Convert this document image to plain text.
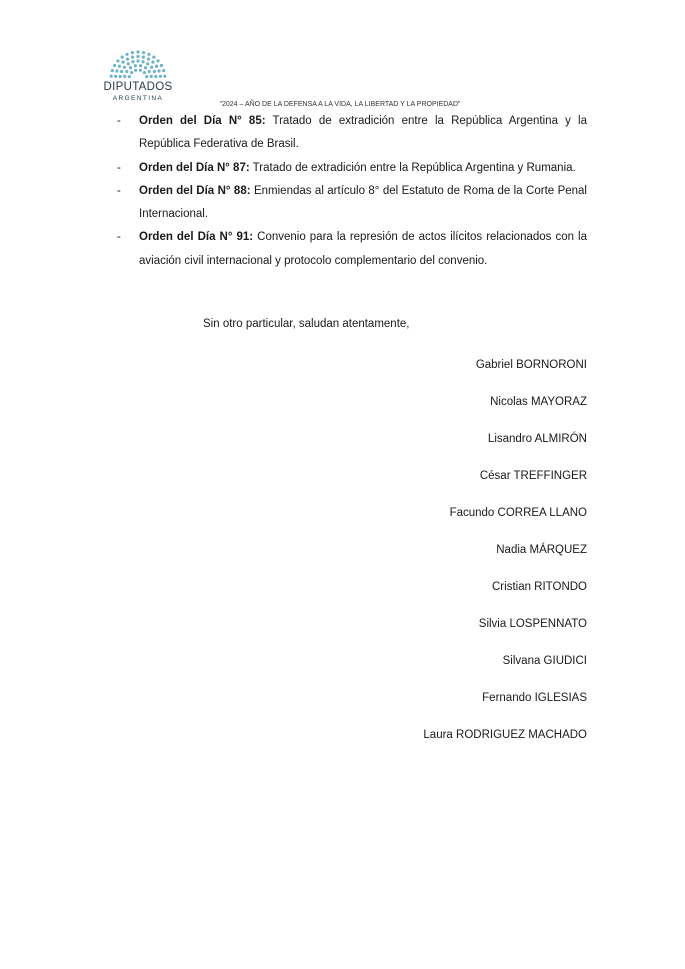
DIPUTADOS
ARGENTINA
“2024 – AÑO DE LA DEFENSA A LA VIDA, LA LIBERTAD Y LA PROPIEDAD”
- Orden del Día N° 85: Tratado de extradición entre la República Argentina y la República Federativa de Brasil.
- Orden del Día N° 87: Tratado de extradición entre la República Argentina y Rumania.
- Orden del Día N° 88: Enmiendas al artículo 8° del Estatuto de Roma de la Corte Penal Internacional.
- Orden del Día N° 91: Convenio para la represión de actos ilícitos relacionados con la aviación civil internacional y protocolo complementario del convenio.
Sin otro particular, saludan atentamente,
Gabriel BORNORONI
Nicolas MAYORAZ
Lisandro ALMIRÓN
César TREFFINGER
Facundo CORREA LLANO
Nadia MÁRQUEZ
Cristian RITONDO
Silvia LOSPENNATO
Silvana GIUDICI
Fernando IGLESIAS
Laura RODRIGUEZ MACHADO
